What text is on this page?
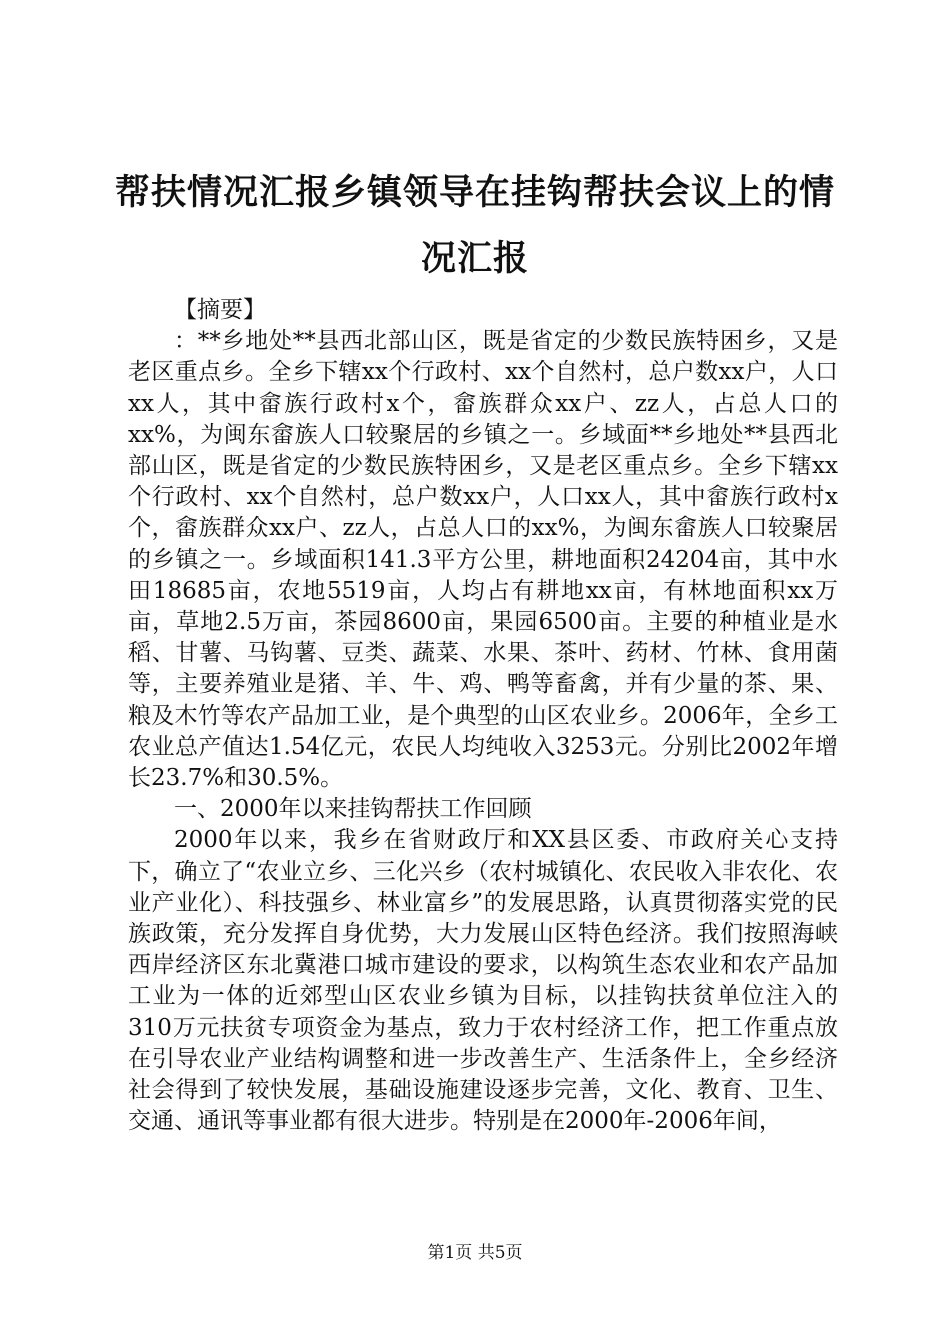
帮扶情况汇报乡镇领导在挂钩帮扶会议上的情况汇报

【摘要】

：**乡地处**县西北部山区，既是省定的少数民族特困乡，又是老区重点乡。全乡下辖xx个行政村、xx个自然村，总户数xx户，人口xx人，其中畲族行政村x个，畲族群众xx户、zz人，占总人口的xx%，为闽东畲族人口较聚居的乡镇之一。乡域面**乡地处**县西北部山区，既是省定的少数民族特困乡，又是老区重点乡。全乡下辖xx个行政村、xx个自然村，总户数xx户，人口xx人，其中畲族行政村x个，畲族群众xx户、zz人，占总人口的xx%，为闽东畲族人口较聚居的乡镇之一。乡域面积141.3平方公里，耕地面积24204亩，其中水田18685亩，农地5519亩，人均占有耕地xx亩，有林地面积xx万亩，草地2.5万亩，茶园8600亩，果园6500亩。主要的种植业是水稻、甘薯、马钩薯、豆类、蔬菜、水果、茶叶、药材、竹林、食用菌等，主要养殖业是猪、羊、牛、鸡、鸭等畜禽，并有少量的茶、果、粮及木竹等农产品加工业，是个典型的山区农业乡。2006年，全乡工农业总产值达1.54亿元，农民人均纯收入3253元。分别比2002年增长23.7%和30.5%。

一、2000年以来挂钩帮扶工作回顾

2000年以来，我乡在省财政厅和XX县区委、市政府关心支持下，确立了“农业立乡、三化兴乡（农村城镇化、农民收入非农化、农业产业化）、科技强乡、林业富乡”的发展思路，认真贯彻落实党的民族政策，充分发挥自身优势，大力发展山区特色经济。我们按照海峡西岸经济区东北冀港口城市建设的要求，以构筑生态农业和农产品加工业为一体的近郊型山区农业乡镇为目标，以挂钩扶贫单位注入的310万元扶贫专项资金为基点，致力于农村经济工作，把工作重点放在引导农业产业结构调整和进一步改善生产、生活条件上，全乡经济社会得到了较快发展，基础设施建设逐步完善，文化、教育、卫生、交通、通讯等事业都有很大进步。特别是在2000年-2006年间，

第1页 共5页
